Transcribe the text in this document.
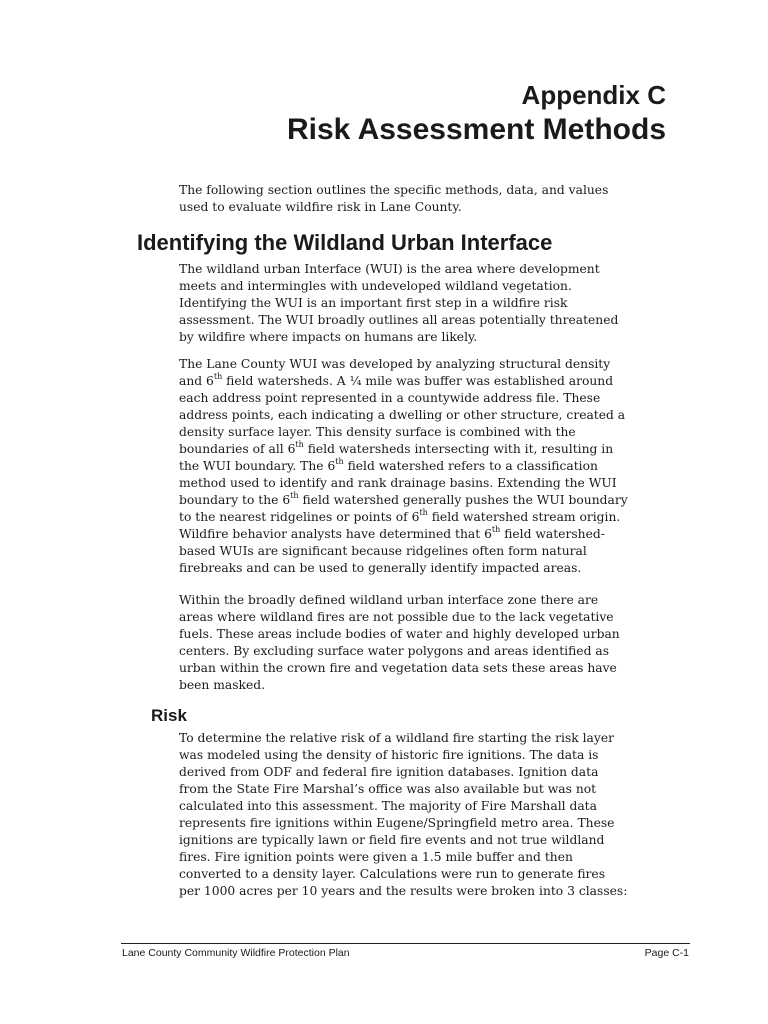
Appendix C
Risk Assessment Methods

The following section outlines the specific methods, data, and values
used to evaluate wildfire risk in Lane County.

Identifying the Wildland Urban Interface

The wildland urban Interface (WUI) is the area where development
meets and intermingles with undeveloped wildland vegetation.
Identifying the WUI is an important first step in a wildfire risk
assessment. The WUI broadly outlines all areas potentially threatened
by wildfire where impacts on humans are likely.

The Lane County WUI was developed by analyzing structural density
and 6th field watersheds. A ¼ mile was buffer was established around
each address point represented in a countywide address file. These
address points, each indicating a dwelling or other structure, created a
density surface layer. This density surface is combined with the
boundaries of all 6th field watersheds intersecting with it, resulting in
the WUI boundary. The 6th field watershed refers to a classification
method used to identify and rank drainage basins. Extending the WUI
boundary to the 6th field watershed generally pushes the WUI boundary
to the nearest ridgelines or points of 6th field watershed stream origin.
Wildfire behavior analysts have determined that 6th field watershed-
based WUIs are significant because ridgelines often form natural
firebreaks and can be used to generally identify impacted areas.

Within the broadly defined wildland urban interface zone there are
areas where wildland fires are not possible due to the lack vegetative
fuels. These areas include bodies of water and highly developed urban
centers. By excluding surface water polygons and areas identified as
urban within the crown fire and vegetation data sets these areas have
been masked.

Risk

To determine the relative risk of a wildland fire starting the risk layer
was modeled using the density of historic fire ignitions. The data is
derived from ODF and federal fire ignition databases. Ignition data
from the State Fire Marshal’s office was also available but was not
calculated into this assessment. The majority of Fire Marshall data
represents fire ignitions within Eugene/Springfield metro area. These
ignitions are typically lawn or field fire events and not true wildland
fires. Fire ignition points were given a 1.5 mile buffer and then
converted to a density layer. Calculations were run to generate fires
per 1000 acres per 10 years and the results were broken into 3 classes:

Lane County Community Wildfire Protection Plan	Page C-1
